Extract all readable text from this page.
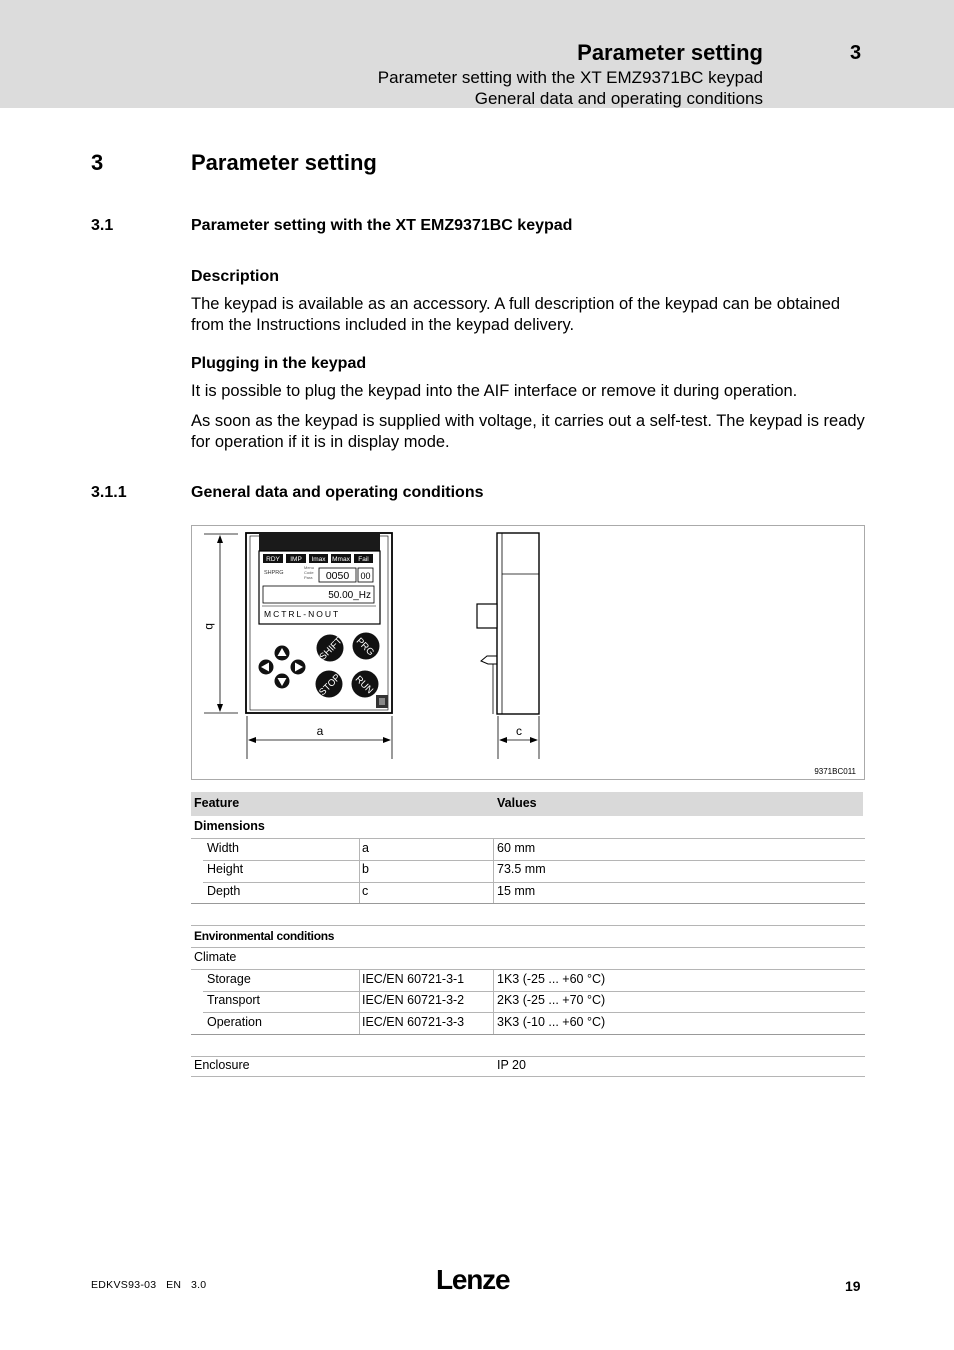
Parameter setting	3
Parameter setting with the XT EMZ9371BC keypad
General data and operating conditions
3	Parameter setting
3.1	Parameter setting with the XT EMZ9371BC keypad
Description
The keypad is available as an accessory. A full description of the keypad can be obtained from the Instructions included in the keypad delivery.
Plugging in the keypad
It is possible to plug the keypad into the AIF interface or remove it during operation.
As soon as the keypad is supplied with voltage, it carries out a self-test. The keypad is ready for operation if it is in display mode.
3.1.1	General data and operating conditions
b
RDY IMP Imax Mmax Fail
SHPRG
Menu
Code
Para 0050 00
50.00_Hz
MCTRL-NOUT
SHIFT PRG
STOP RUN
a	c
9371BC011
Feature	Values
Dimensions
Width	a	60 mm
Height	b	73.5 mm
Depth	c	15 mm
Environmental conditions
Climate
Storage	IEC/EN 60721-3-1	1K3 (-25 ... +60 °C)
Transport	IEC/EN 60721-3-2	2K3 (-25 ... +70 °C)
Operation	IEC/EN 60721-3-3	3K3 (-10 ... +60 °C)
Enclosure	IP 20
EDKVS93-03   EN   3.0	Lenze	19
